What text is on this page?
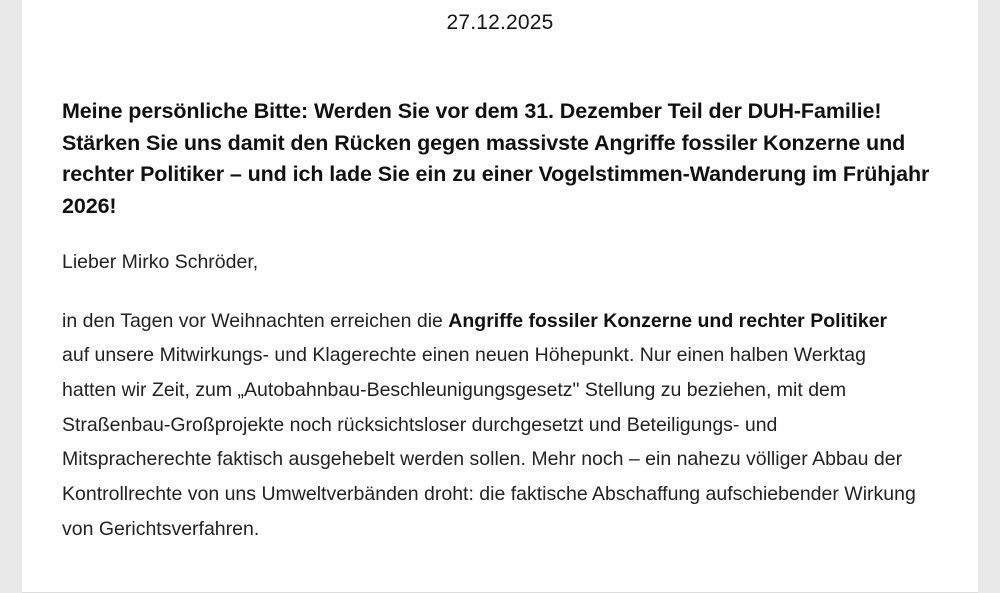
27.12.2025

Meine persönliche Bitte: Werden Sie vor dem 31. Dezember Teil der DUH-Familie! Stärken Sie uns damit den Rücken gegen massivste Angriffe fossiler Konzerne und rechter Politiker – und ich lade Sie ein zu einer Vogelstimmen-Wanderung im Frühjahr 2026!

Lieber Mirko Schröder,

in den Tagen vor Weihnachten erreichen die Angriffe fossiler Konzerne und rechter Politiker auf unsere Mitwirkungs- und Klagerechte einen neuen Höhepunkt. Nur einen halben Werktag hatten wir Zeit, zum „Autobahnbau-Beschleunigungsgesetz" Stellung zu beziehen, mit dem Straßenbau-Großprojekte noch rücksichtsloser durchgesetzt und Beteiligungs- und Mitspracherechte faktisch ausgehebelt werden sollen. Mehr noch – ein nahezu völliger Abbau der Kontrollrechte von uns Umweltverbänden droht: die faktische Abschaffung aufschiebender Wirkung von Gerichtsverfahren.
